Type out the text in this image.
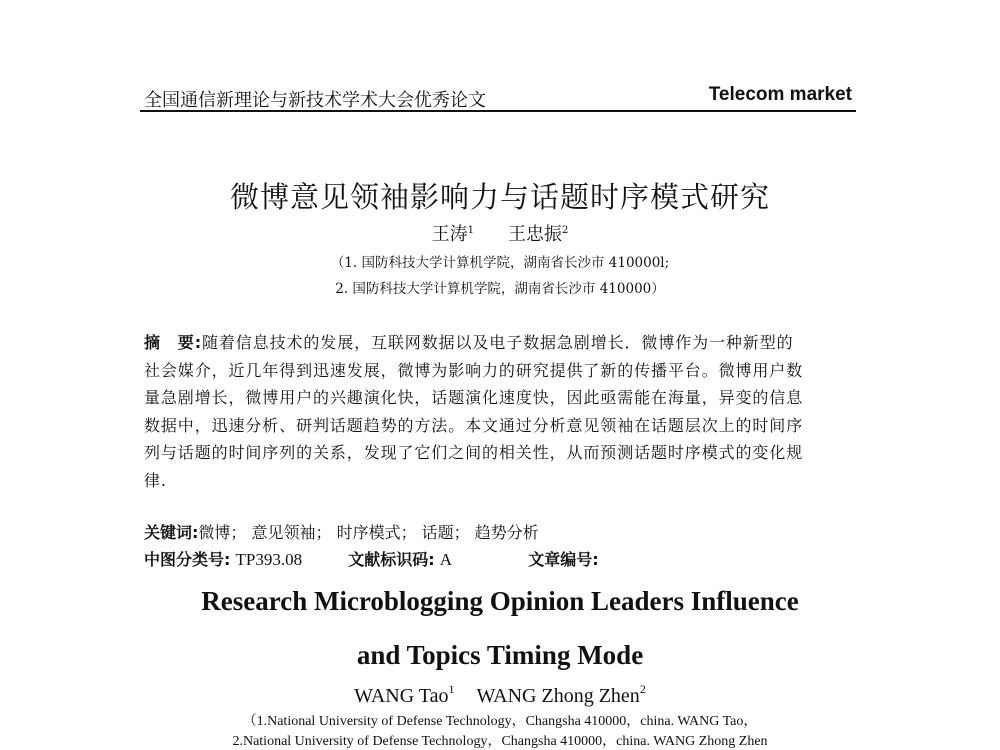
全国通信新理论与新技术学术大会优秀论文	Telecom market
微博意见领袖影响力与话题时序模式研究
王涛$^1$ 王忠振$^2$
（1. 国防科技大学计算机学院，湖南省长沙市 410000l;
2. 国防科技大学计算机学院，湖南省长沙市 410000）
摘　要:随着信息技术的发展，互联网数据以及电子数据急剧增长．微博作为一种新型的
社会媒介，近几年得到迅速发展，微博为影响力的研究提供了新的传播平台。微博用户数
量急剧增长，微博用户的兴趣演化快，话题演化速度快，因此亟需能在海量，异变的信息
数据中，迅速分析、研判话题趋势的方法。本文通过分析意见领袖在话题层次上的时间序
列与话题的时间序列的关系，发现了它们之间的相关性，从而预测话题时序模式的变化规
律.
关键词:微博； 意见领袖； 时序模式； 话题； 趋势分析
中图分类号: TP393.08	文献标识码: A	文章编号:
Research Microblogging Opinion Leaders Influence
and Topics Timing Mode
WANG Tao$^1$ WANG Zhong Zhen$^2$
（1.National University of Defense Technology，Changsha 410000，china. WANG Tao，
2.National University of Defense Technology，Changsha 410000，china. WANG Zhong Zhen
